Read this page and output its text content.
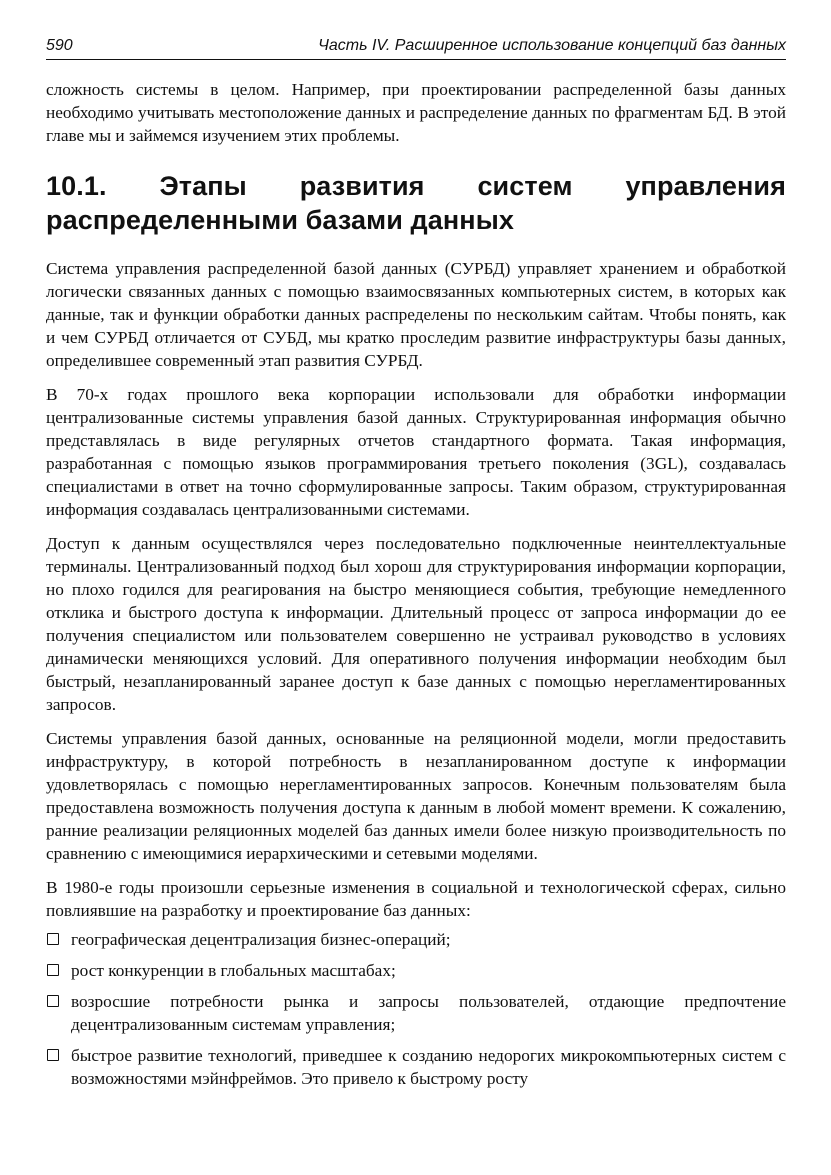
590	Часть IV. Расширенное использование концепций баз данных

сложность системы в целом. Например, при проектировании распределенной базы данных необходимо учитывать местоположение данных и распределение данных по фрагментам БД. В этой главе мы и займемся изучением этих проблемы.

10.1. Этапы развития систем управления распределенными базами данных

Система управления распределенной базой данных (СУРБД) управляет хранением и обработкой логически связанных данных с помощью взаимосвязанных компьютерных систем, в которых как данные, так и функции обработки данных распределены по нескольким сайтам. Чтобы понять, как и чем СУРБД отличается от СУБД, мы кратко проследим развитие инфраструктуры базы данных, определившее современный этап развития СУРБД.

В 70-х годах прошлого века корпорации использовали для обработки информации централизованные системы управления базой данных. Структурированная информация обычно представлялась в виде регулярных отчетов стандартного формата. Такая информация, разработанная с помощью языков программирования третьего поколения (3GL), создавалась специалистами в ответ на точно сформулированные запросы. Таким образом, структурированная информация создавалась централизованными системами.

Доступ к данным осуществлялся через последовательно подключенные неинтеллектуальные терминалы. Централизованный подход был хорош для структурирования информации корпорации, но плохо годился для реагирования на быстро меняющиеся события, требующие немедленного отклика и быстрого доступа к информации. Длительный процесс от запроса информации до ее получения специалистом или пользователем совершенно не устраивал руководство в условиях динамически меняющихся условий. Для оперативного получения информации необходим был быстрый, незапланированный заранее доступ к базе данных с помощью нерегламентированных запросов.

Системы управления базой данных, основанные на реляционной модели, могли предоставить инфраструктуру, в которой потребность в незапланированном доступе к информации удовлетворялась с помощью нерегламентированных запросов. Конечным пользователям была предоставлена возможность получения доступа к данным в любой момент времени. К сожалению, ранние реализации реляционных моделей баз данных имели более низкую производительность по сравнению с имеющимися иерархическими и сетевыми моделями.

В 1980-е годы произошли серьезные изменения в социальной и технологической сферах, сильно повлиявшие на разработку и проектирование баз данных:

географическая децентрализация бизнес-операций;
рост конкуренции в глобальных масштабах;
возросшие потребности рынка и запросы пользователей, отдающие предпочтение децентрализованным системам управления;
быстрое развитие технологий, приведшее к созданию недорогих микрокомпьютерных систем с возможностями мэйнфреймов. Это привело к быстрому росту
